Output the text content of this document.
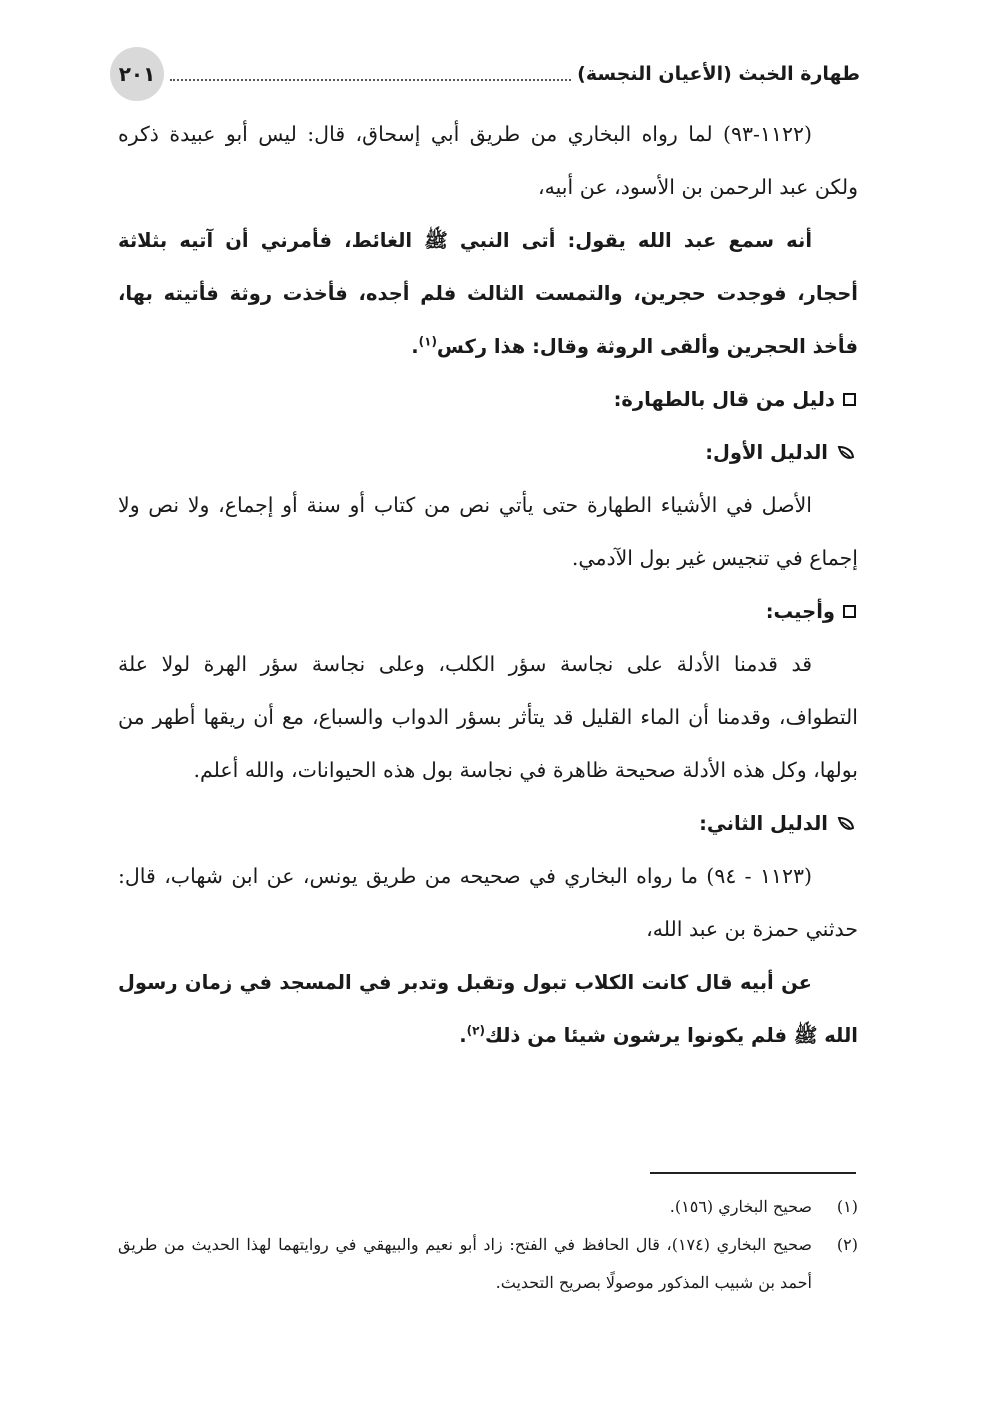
طهارة الخبث (الأعيان النجسة)
٢٠١

(١١٢٢-٩٣) لما رواه البخاري من طريق أبي إسحاق، قال: ليس أبو عبيدة ذكره ولكن عبد الرحمن بن الأسود، عن أبيه،

أنه سمع عبد الله يقول: أتى النبي ﷺ الغائط، فأمرني أن آتيه بثلاثة أحجار، فوجدت حجرين، والتمست الثالث فلم أجده، فأخذت روثة فأتيته بها، فأخذ الحجرين وألقى الروثة وقال: هذا ركس$^{(١)}$.

دليل من قال بالطهارة:

الدليل الأول:

الأصل في الأشياء الطهارة حتى يأتي نص من كتاب أو سنة أو إجماع، ولا نص ولا إجماع في تنجيس غير بول الآدمي.

وأجيب:

قد قدمنا الأدلة على نجاسة سؤر الكلب، وعلى نجاسة سؤر الهرة لولا علة التطواف، وقدمنا أن الماء القليل قد يتأثر بسؤر الدواب والسباع، مع أن ريقها أطهر من بولها، وكل هذه الأدلة صحيحة ظاهرة في نجاسة بول هذه الحيوانات، والله أعلم.

الدليل الثاني:

(١١٢٣ - ٩٤) ما رواه البخاري في صحيحه من طريق يونس، عن ابن شهاب، قال: حدثني حمزة بن عبد الله،

عن أبيه قال كانت الكلاب تبول وتقبل وتدبر في المسجد في زمان رسول الله ﷺ فلم يكونوا يرشون شيئا من ذلك$^{(٢)}$.

(١)
صحيح البخاري (١٥٦).

(٢)
صحيح البخاري (١٧٤)، قال الحافظ في الفتح: زاد أبو نعيم والبيهقي في روايتهما لهذا الحديث من طريق أحمد بن شبيب المذكور موصولًا بصريح التحديث.
